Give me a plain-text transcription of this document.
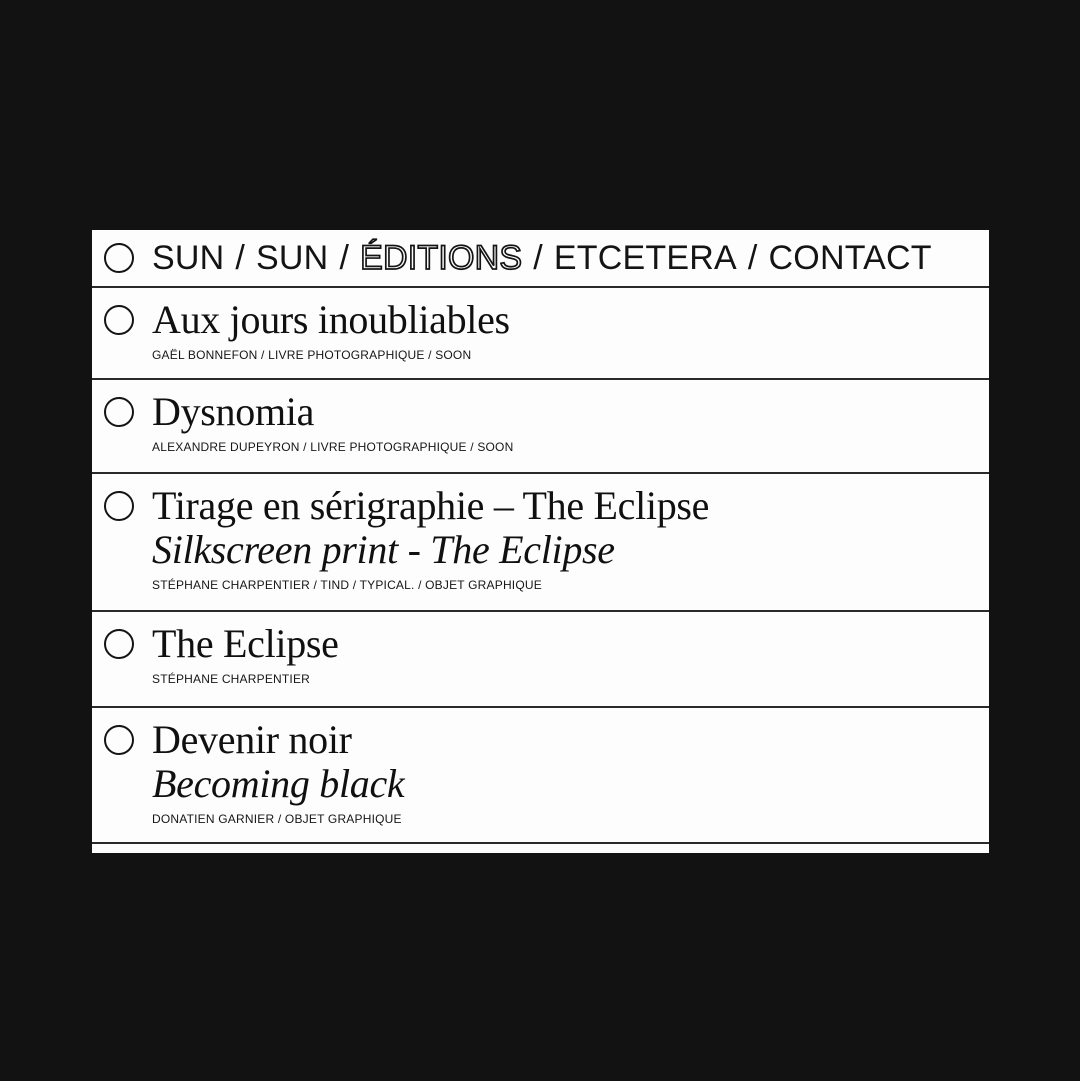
SUN / SUN / ÉDITIONS / ETCETERA / CONTACT
Aux jours inoubliables
GAËL BONNEFON / LIVRE PHOTOGRAPHIQUE / SOON
Dysnomia
ALEXANDRE DUPEYRON / LIVRE PHOTOGRAPHIQUE / SOON
Tirage en sérigraphie – The Eclipse
Silkscreen print - The Eclipse
STÉPHANE CHARPENTIER / TIND / TYPICAL. / OBJET GRAPHIQUE
The Eclipse
STÉPHANE CHARPENTIER
Devenir noir
Becoming black
DONATIEN GARNIER / OBJET GRAPHIQUE
